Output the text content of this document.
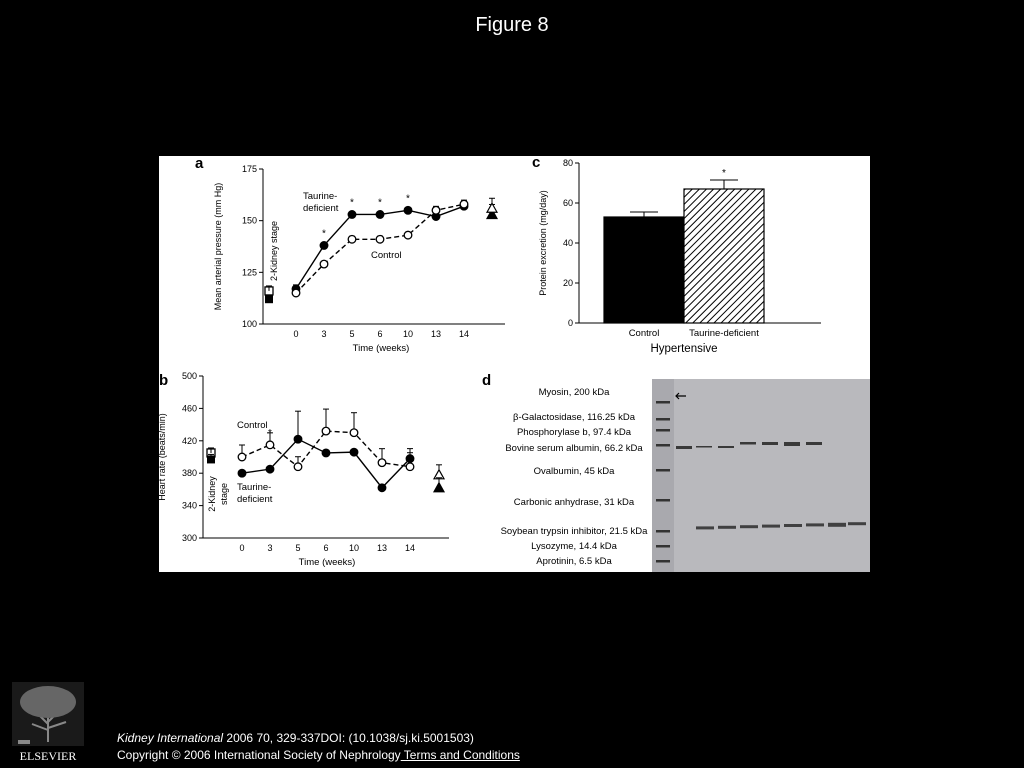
Figure 8
a
100
125
150
175
Mean arterial pressure (mm Hg)
0	3	5	6 10 13 14
Time (weeks)
*
* * *
2-Kidney stage
Taurine-
deficient
Control
b
300
340
380
420
460
500
Heart rate (beats/min)
0	3	5	6 10 13 14
Time (weeks)
*
2-Kidney stage
Control
Taurine-
deficient
c
0
20
40
60
80
Protein excretion (mg/day)
Control
*
Taurine-deficient
Hypertensive
d
Myosin, 200 kDa
β-Galactosidase, 116.25 kDa
Phosphorylase b, 97.4 kDa
Bovine serum albumin, 66.2 kDa
Ovalbumin, 45 kDa
Carbonic anhydrase, 31 kDa
Soybean trypsin inhibitor, 21.5 kDa
Lysozyme, 14.4 kDa
Aprotinin, 6.5 kDa
ELSEVIER
Kidney International 2006 70, 329-337DOI: (10.1038/sj.ki.5001503)
Copyright © 2006 International Society of Nephrology Terms and Conditions
